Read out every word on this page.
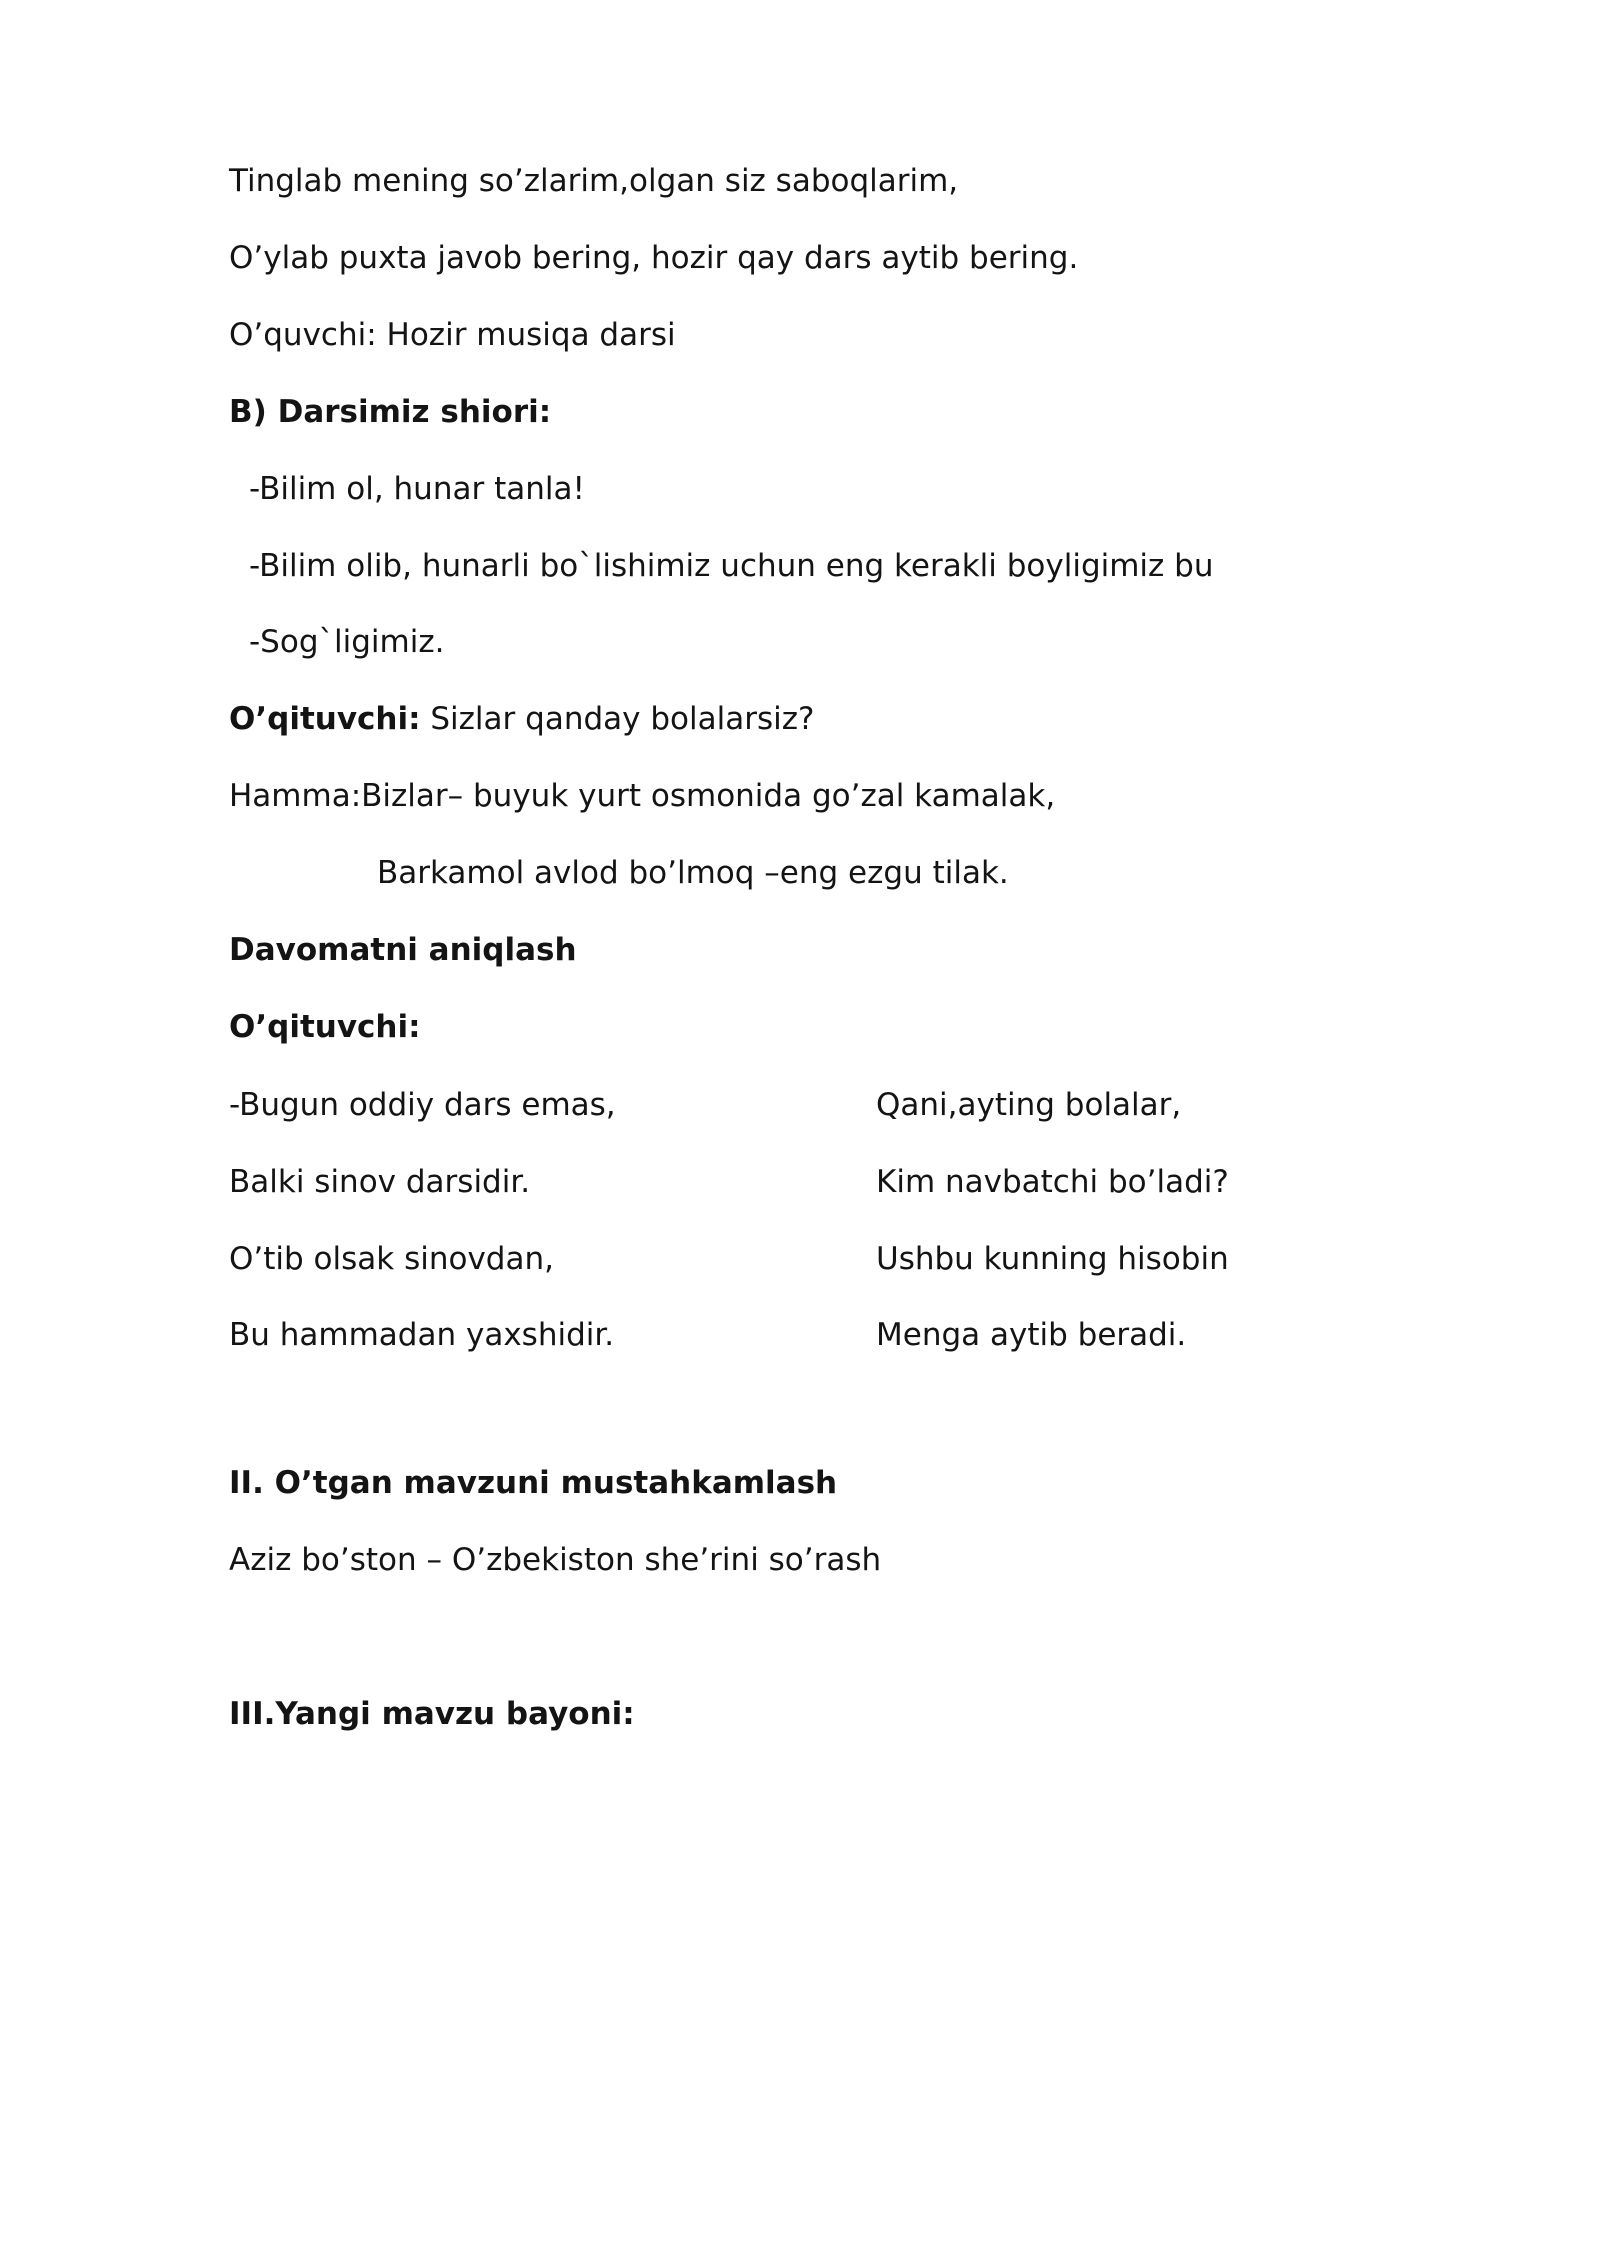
Tinglab mening so’zlarim,olgan siz saboqlarim,
O’ylab puxta javob bering, hozir qay dars aytib bering.
O’quvchi: Hozir musiqa darsi
B) Darsimiz shiori:
-Bilim ol, hunar tanla!
-Bilim olib, hunarli bo`lishimiz uchun eng kerakli boyligimiz bu
-Sog`ligimiz.
O’qituvchi: Sizlar qanday bolalarsiz?
Hamma:Bizlar– buyuk yurt osmonida go’zal kamalak,
Barkamol avlod bo’lmoq –eng ezgu tilak.
Davomatni aniqlash
O’qituvchi:
-Bugun oddiy dars emas,	Qani,ayting bolalar,
Balki sinov darsidir.	Kim navbatchi bo’ladi?
O’tib olsak sinovdan,	Ushbu kunning hisobin
Bu hammadan yaxshidir.	Menga aytib beradi.
II. O’tgan mavzuni mustahkamlash
Aziz bo’ston – O’zbekiston she’rini so’rash
III.Yangi mavzu bayoni:
